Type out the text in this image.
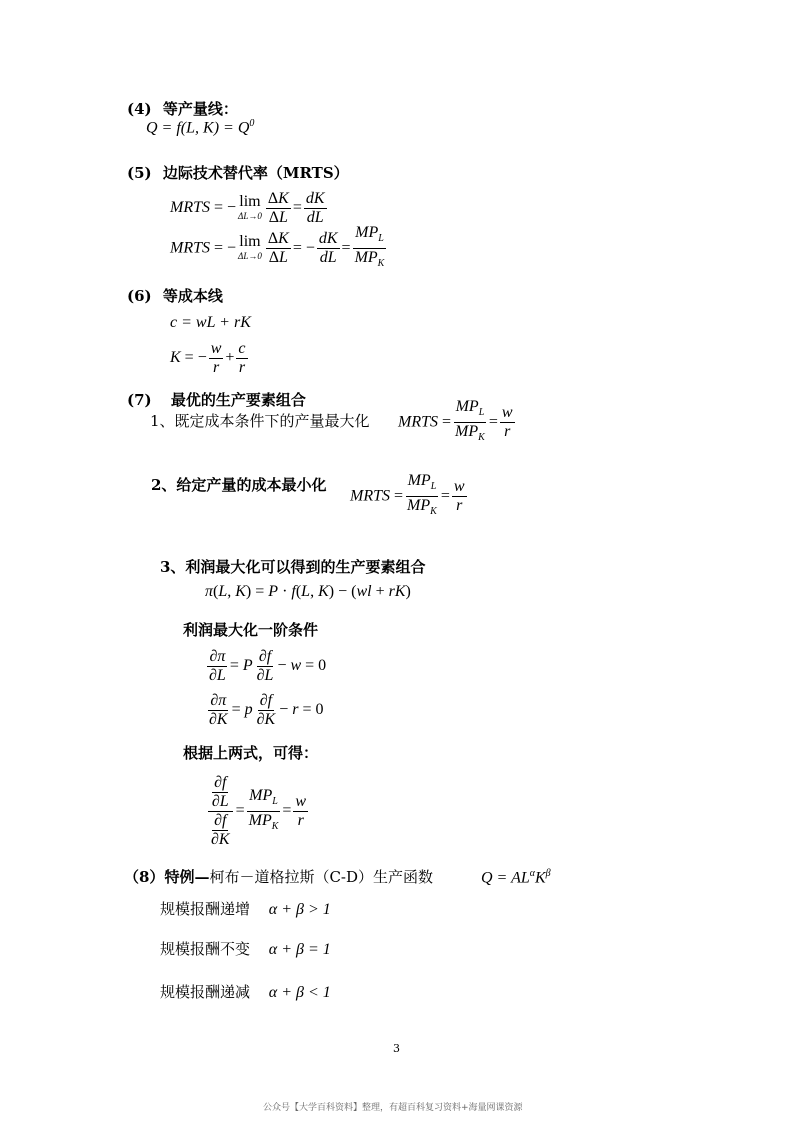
(4) 等产量线：
Q = f(L, $K) = Q^0$
(5) 边际技术替代率（MRTS）
MRTS = − lim
$\Delta L\to 0 \frac{\Delta K}{\Delta L} = \frac{dK}{dL}$
MRTS = − lim
$\Delta L\to 0 \frac{\Delta K}{\Delta L}$ = − $\frac{dK}{dL} = \frac{MP_L}{MP_K}$
(6) 等成本线
c = wL + rK
K = − $\frac{w}{r} + \frac{c}{r}$
(7) 最优的生产要素组合
1、既定成本条件下的产量最大化 MRTS = $\frac{MP_L}{MP_K} = \frac{w}{r}$
2、给定产量的成本最小化
MRTS = $\frac{MP_L}{MP_K} = \frac{w}{r}$
3、利润最大化可以得到的生产要素组合
π(L, K) = P · f(L, K) − (wl + rK)
利润最大化一阶条件
$\frac{\partial\pi}{\partial L} = P \frac{\partial f}{\partial L} - w = 0$
$\frac{\partial\pi}{\partial K} = p \frac{\partial f}{\partial K} - r = 0$
根据上两式，可得：
$\frac{\frac{\partial f}{\partial L}}{\frac{\partial f}{\partial K}} = \frac{MP_L}{MP_K} = \frac{w}{r}$
（8）特例—柯布－道格拉斯（C-D）生产函数	$Q = AL^\alpha K^\beta$
规模报酬递增 α + β > 1
规模报酬不变 α + β = 1
规模报酬递减 α + β < 1
3
公众号【大学百科资料】整理，有超百科复习资料+海量网课资源
